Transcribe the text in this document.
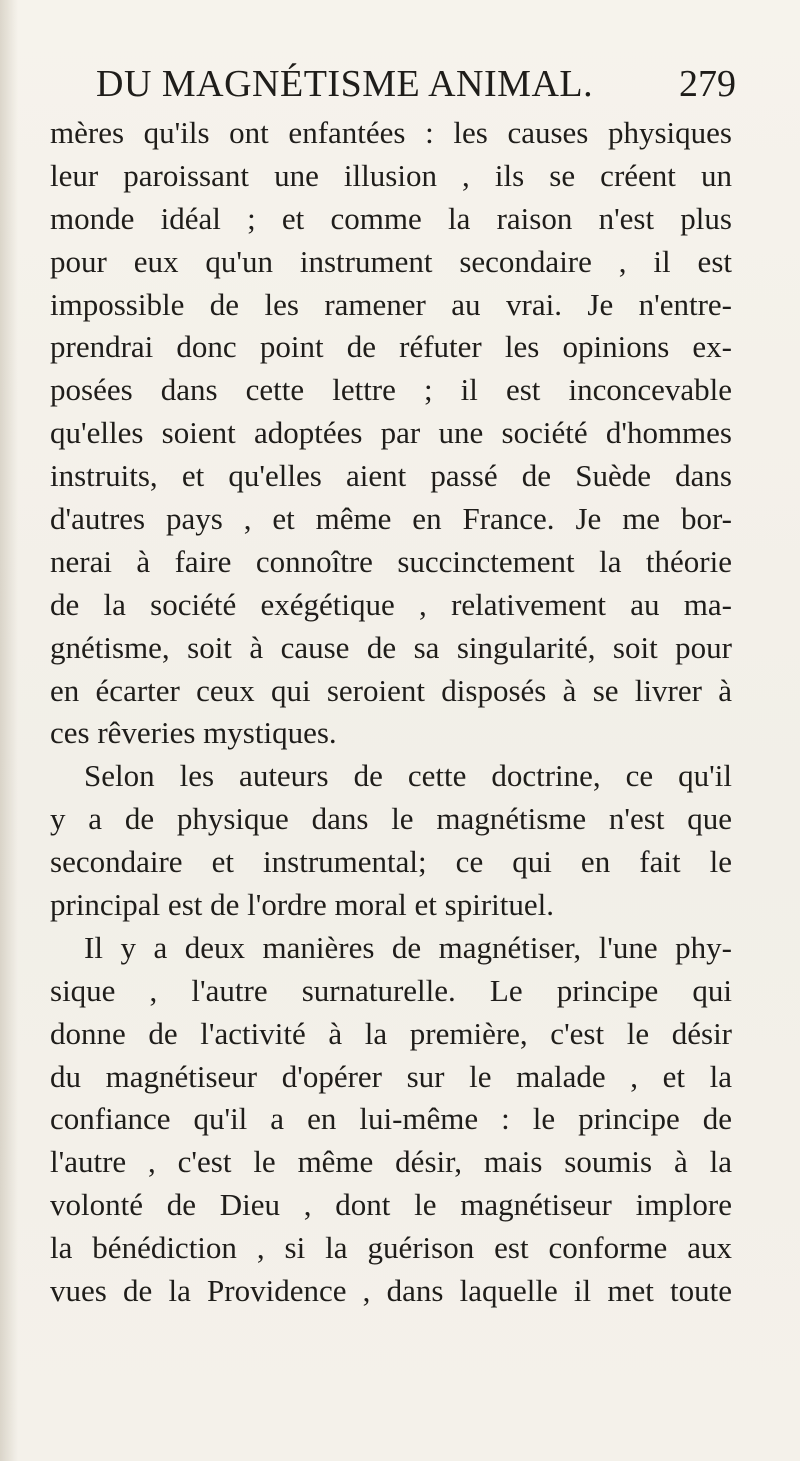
DU MAGNÉTISME ANIMAL. 279
mères qu'ils ont enfantées : les causes physiques
leur paroissant une illusion , ils se créent un
monde idéal ; et comme la raison n'est plus
pour eux qu'un instrument secondaire , il est
impossible de les ramener au vrai. Je n'entre-
prendrai donc point de réfuter les opinions ex-
posées dans cette lettre ; il est inconcevable
qu'elles soient adoptées par une société d'hommes
instruits, et qu'elles aient passé de Suède dans
d'autres pays , et même en France. Je me bor-
nerai à faire connoître succinctement la théorie
de la société exégétique , relativement au ma-
gnétisme, soit à cause de sa singularité, soit pour
en écarter ceux qui seroient disposés à se livrer à
ces rêveries mystiques.
Selon les auteurs de cette doctrine, ce qu'il
y a de physique dans le magnétisme n'est que
secondaire et instrumental; ce qui en fait le
principal est de l'ordre moral et spirituel.
Il y a deux manières de magnétiser, l'une phy-
sique , l'autre surnaturelle. Le principe qui
donne de l'activité à la première, c'est le désir
du magnétiseur d'opérer sur le malade , et la
confiance qu'il a en lui-même : le principe de
l'autre , c'est le même désir, mais soumis à la
volonté de Dieu , dont le magnétiseur implore
la bénédiction , si la guérison est conforme aux
vues de la Providence , dans laquelle il met toute
